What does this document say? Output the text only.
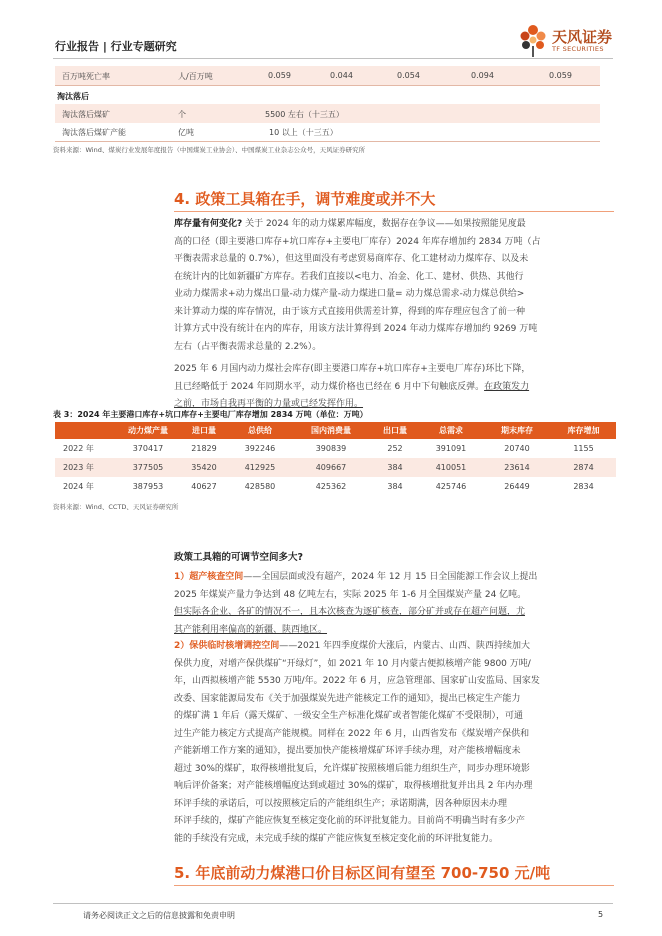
行业报告 | 行业专题研究
天风证券
TF SECURITIES
百万吨死亡率	人/百万吨	0.059	0.044	0.054	0.094	0.059
淘汰落后
淘汰落后煤矿	个	5500 左右（十三五）
淘汰落后煤矿产能	亿吨	10 以上（十三五）
资料来源：Wind、煤炭行业发展年度报告（中国煤炭工业协会）、中国煤炭工业杂志公众号，天风证券研究所
4. 政策工具箱在手，调节难度或并不大
库存量有何变化? 关于 2024 年的动力煤累库幅度，数据存在争议——如果按照能见度最
高的口径（即主要港口库存+坑口库存+主要电厂库存）2024 年库存增加约 2834 万吨（占
平衡表需求总量的 0.7%），但这里面没有考虑贸易商库存、化工建材动力煤库存、以及未
在统计内的比如新疆矿方库存。若我们直接以<电力、冶金、化工、建材、供热、其他行
业动力煤需求+动力煤出口量-动力煤产量-动力煤进口量= 动力煤总需求-动力煤总供给>
来计算动力煤的库存情况，由于该方式直接用供需差计算，得到的库存理应包含了前一种
计算方式中没有统计在内的库存，用该方法计算得到 2024 年动力煤库存增加约 9269 万吨
左右（占平衡表需求总量的 2.2%）。
2025 年 6 月国内动力煤社会库存(即主要港口库存+坑口库存+主要电厂库存)环比下降，
且已经略低于 2024 年同期水平，动力煤价格也已经在 6 月中下旬触底反弹。在政策发力
之前，市场自我再平衡的力量或已经发挥作用。
表 3：2024 年主要港口库存+坑口库存+主要电厂库存增加 2834 万吨（单位：万吨）
	动力煤产量	进口量	总供给	国内消费量	出口量	总需求	期末库存	库存增加
2022 年	370417	21829	392246	390839	252	391091	20740	1155
2023 年	377505	35420	412925	409667	384	410051	23614	2874
2024 年	387953	40627	428580	425362	384	425746	26449	2834
资料来源：Wind、CCTD、天风证券研究所
政策工具箱的可调节空间多大?
1）超产核查空间——全国层面或没有超产，2024 年 12 月 15 日全国能源工作会议上提出
2025 年煤炭产量力争达到 48 亿吨左右，实际 2025 年 1-6 月全国煤炭产量 24 亿吨。
但实际各企业、各矿的情况不一，且本次核查为逐矿核查，部分矿并或存在超产问题，尤
其产能利用率偏高的新疆、陕西地区。
2）保供临时核增调控空间——2021 年四季度煤价大涨后，内蒙古、山西、陕西持续加大
保供力度，对增产保供煤矿“开绿灯”，如 2021 年 10 月内蒙古便拟核增产能 9800 万吨/
年，山西拟核增产能 5530 万吨/年。2022 年 6 月，应急管理部、国家矿山安监局、国家发
改委、国家能源局发布《关于加强煤炭先进产能核定工作的通知》，提出已核定生产能力
的煤矿满 1 年后（露天煤矿、一级安全生产标准化煤矿或者智能化煤矿不受限制），可通
过生产能力核定方式提高产能规模。同样在 2022 年 6 月，山西省发布《煤炭增产保供和
产能新增工作方案的通知》，提出要加快产能核增煤矿环评手续办理，对产能核增幅度未
超过 30%的煤矿，取得核增批复后，允许煤矿按照核增后能力组织生产，同步办理环境影
响后评价备案；对产能核增幅度达到或超过 30%的煤矿，取得核增批复并出具 2 年内办理
环评手续的承诺后，可以按照核定后的产能组织生产；承诺期满，因各种原因未办理
环评手续的，煤矿产能应恢复至核定变化前的环评批复能力。目前尚不明确当时有多少产
能的手续没有完成，未完成手续的煤矿产能应恢复至核定变化前的环评批复能力。
5. 年底前动力煤港口价目标区间有望至 700-750 元/吨
请务必阅读正文之后的信息披露和免责申明	5
